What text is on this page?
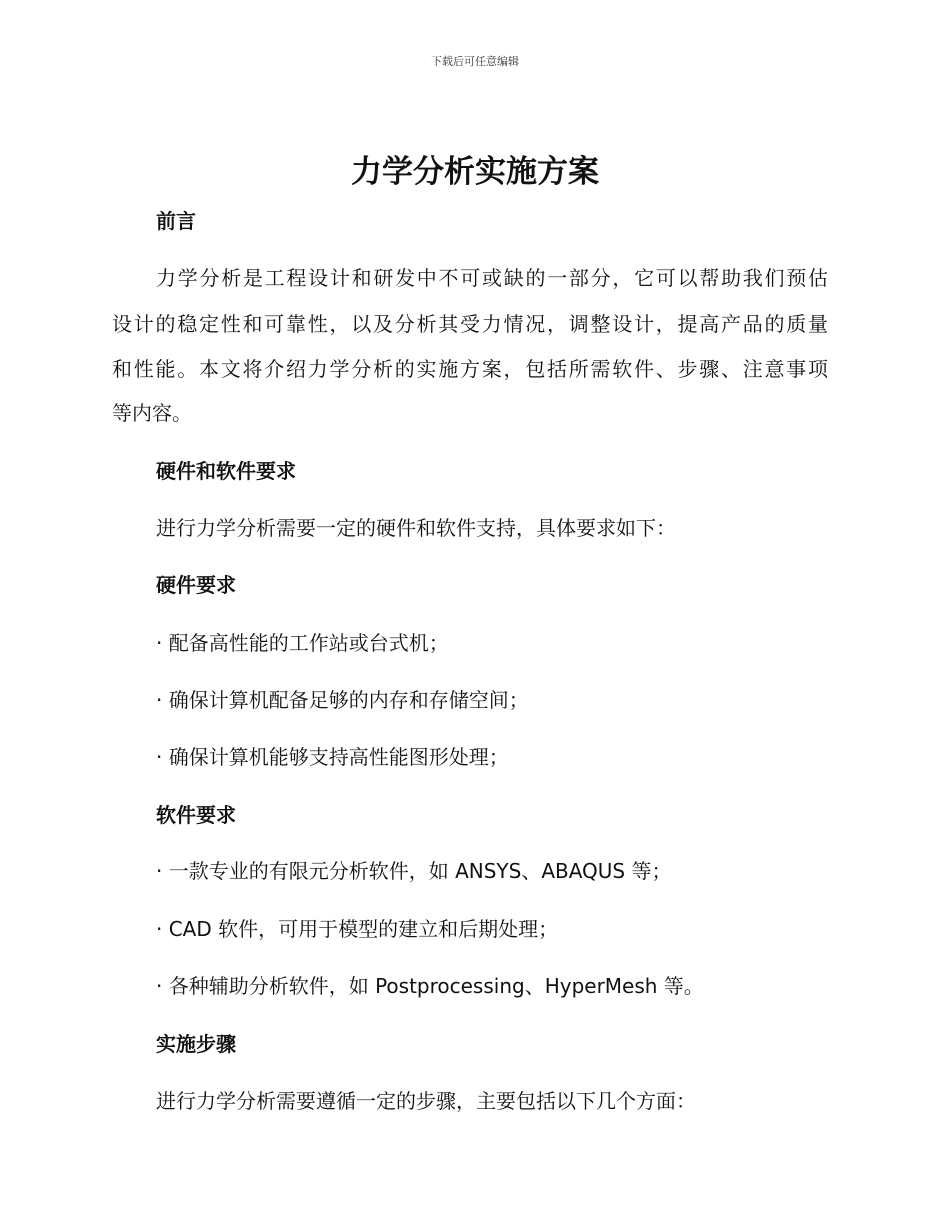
下载后可任意编辑
力学分析实施方案
前言
力学分析是工程设计和研发中不可或缺的一部分，它可以帮助我们预估
设计的稳定性和可靠性，以及分析其受力情况，调整设计，提高产品的质量
和性能。本文将介绍力学分析的实施方案，包括所需软件、步骤、注意事项
等内容。
硬件和软件要求
进行力学分析需要一定的硬件和软件支持，具体要求如下：
硬件要求
· 配备高性能的工作站或台式机；
· 确保计算机配备足够的内存和存储空间；
· 确保计算机能够支持高性能图形处理；
软件要求
· 一款专业的有限元分析软件，如 ANSYS、ABAQUS 等；
· CAD 软件，可用于模型的建立和后期处理；
· 各种辅助分析软件，如 Postprocessing、HyperMesh 等。
实施步骤
进行力学分析需要遵循一定的步骤，主要包括以下几个方面：
